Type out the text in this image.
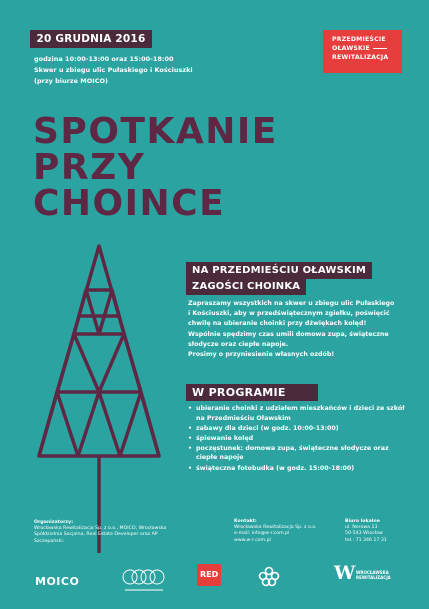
20 GRUDNIA 2016
godzina 10:00-13:00 oraz 15:00-18:00
Skwer u zbiegu ulic Pułaskiego i Kościuszki
(przy biurze MOICO)
PRZEDMIEŚCIE
OŁAWSKIE
REWITALIZACJA
SPOTKANIE
PRZY
CHOINCE
NA PRZEDMIEŚCIU OŁAWSKIM
ZAGOŚCI CHOINKA
Zapraszamy wszystkich na skwer u zbiegu ulic Pułaskiego i Kościuszki, aby w przedświątecznym zgiełku, poświęcić chwilę na ubieranie choinki przy dźwiękach kolęd! Wspólnie spędzimy czas umili domowa zupa, świąteczne słodycze oraz ciepłe napoje.
Prosimy o przyniesienie własnych ozdób!
W PROGRAMIE
• ubieranie choinki z udziałem mieszkańców i dzieci ze szkół na Przedmieściu Oławskim
• zabawy dla dzieci (w godz. 10:00-13:00)
• śpiewanie kolęd
• poczęstunek: domowa zupa, świąteczne słodycze oraz ciepłe napoje
• świąteczna fotobudka (w godz. 15:00-18:00)
Organizatorzy:
Wrocławska Rewitalizacja Sp. z o.o., MOICO, Wrocławska Spółdzielnia Socjalna, Real Estate Developer oraz AP Szczepański.
Kontakt:
Wrocławska Rewitalizacja Sp. z o.o.
e-mail: info@w-r.com.pl
www.w-r.com.pl
Biuro lokalne
ul. Nerowa 13
50-543 Wrocław
tel.: 71 346 17 31
MOICO
RED	W WROCŁAWSKA REWITALIZACJA
